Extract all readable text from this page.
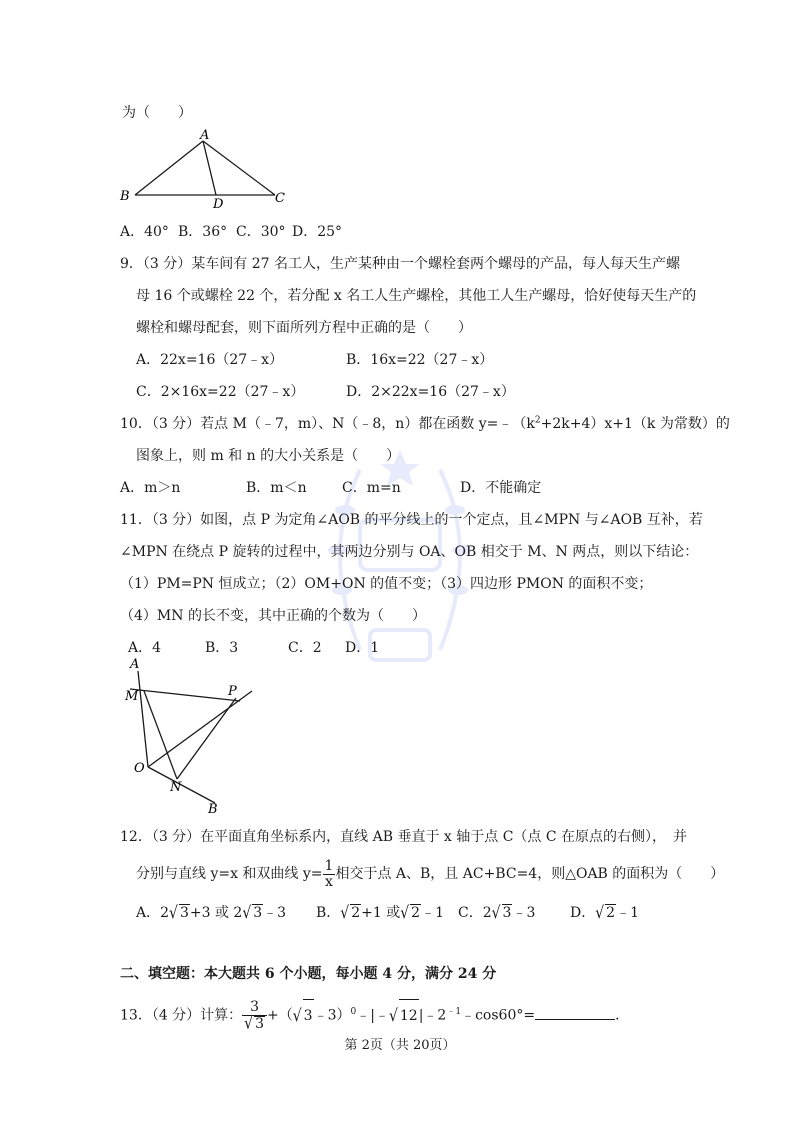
为（　　）
A
B	C
D
A．40° B．36° C．30° D．25°
9．（3 分）某车间有 27 名工人，生产某种由一个螺栓套两个螺母的产品，每人每天生产螺
母 16 个或螺栓 22 个，若分配 x 名工人生产螺栓，其他工人生产螺母，恰好使每天生产的
螺栓和螺母配套，则下面所列方程中正确的是（　　）
A．22x=16（27﹣x）	B．16x=22（27﹣x）
C．2×16x=22（27﹣x）	D．2×22x=16（27﹣x）
10．（3 分）若点 M（﹣7，m）、N（﹣8，n）都在函数 $y=﹣(k^2+2k+4)x+1(k$ 为常数）的
图象上，则 m 和 n 的大小关系是（　　）
A．m＞n	B．m＜n	C．m=n	D．不能确定
11．（3 分）如图，点 P 为定角∠AOB 的平分线上的一个定点，且∠MPN 与∠AOB 互补，若
∠MPN 在绕点 P 旋转的过程中，其两边分别与 OA、OB 相交于 M、N 两点，则以下结论：
（1）PM=PN 恒成立；（2）OM+ON 的值不变；（3）四边形 PMON 的面积不变；
（4）MN 的长不变，其中正确的个数为（　　）
A．4	B．3	C．2 D．1
A
M	P
O
N
B
12．（3 分）在平面直角坐标系内，直线 AB 垂直于 x 轴于点 C（点 C 在原点的右侧），　并
分别与直线 y=x 和双曲线 $y= \frac{1}{x}$ 相交于点 A、B，且 AC+BC=4，则△OAB 的面积为（　　）
A．2√ 3+3 或 2√ 3﹣3 B．√ 2+1 或√ 2﹣1 C．2√ 3﹣3 D．√ 2﹣1
二、填空题：本大题共 6 个小题，每小题 4 分，满分 24 分
13．（4 分）计算： $\frac{3}{√ 3}$ +（√ 3﹣3）$^0$﹣|﹣√ $12|﹣2^{﹣1}﹣\cos 60^\circ=$	．
第 2页（共 20页）
